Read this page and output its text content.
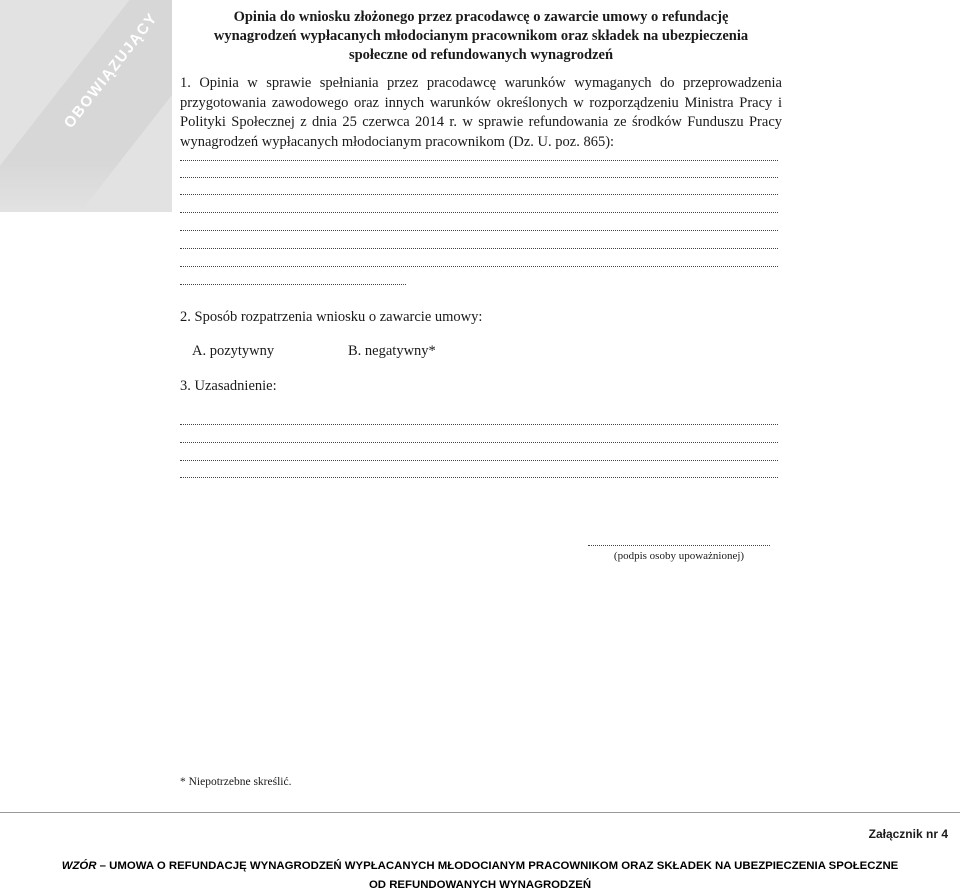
OBOWIĄZUJĄCY	Opinia do wniosku złożonego przez pracodawcę o zawarcie umowy o refundację
wynagrodzeń wypłacanych młodocianym pracownikom oraz składek na ubezpieczenia
społeczne od refundowanych wynagrodzeń
1. Opinia w sprawie spełniania przez pracodawcę warunków wymaganych do przeprowadzenia przygotowania zawodowego oraz innych warunków określonych w rozporządzeniu Ministra Pracy i Polityki Społecznej z dnia 25 czerwca 2014 r. w sprawie refundowania ze środków Funduszu Pracy wynagrodzeń wypłacanych młodocianym pracownikom (Dz. U. poz. 865):
2. Sposób rozpatrzenia wniosku o zawarcie umowy:
A. pozytywny	B. negatywny*
3. Uzasadnienie:
(podpis osoby upoważnionej)
* Niepotrzebne skreślić.
Załącznik nr 4
WZÓR – UMOWA O REFUNDACJĘ WYNAGRODZEŃ WYPŁACANYCH MŁODOCIANYM PRACOWNIKOM ORAZ SKŁADEK NA UBEZPIECZENIA SPOŁECZNE
OD REFUNDOWANYCH WYNAGRODZEŃ
